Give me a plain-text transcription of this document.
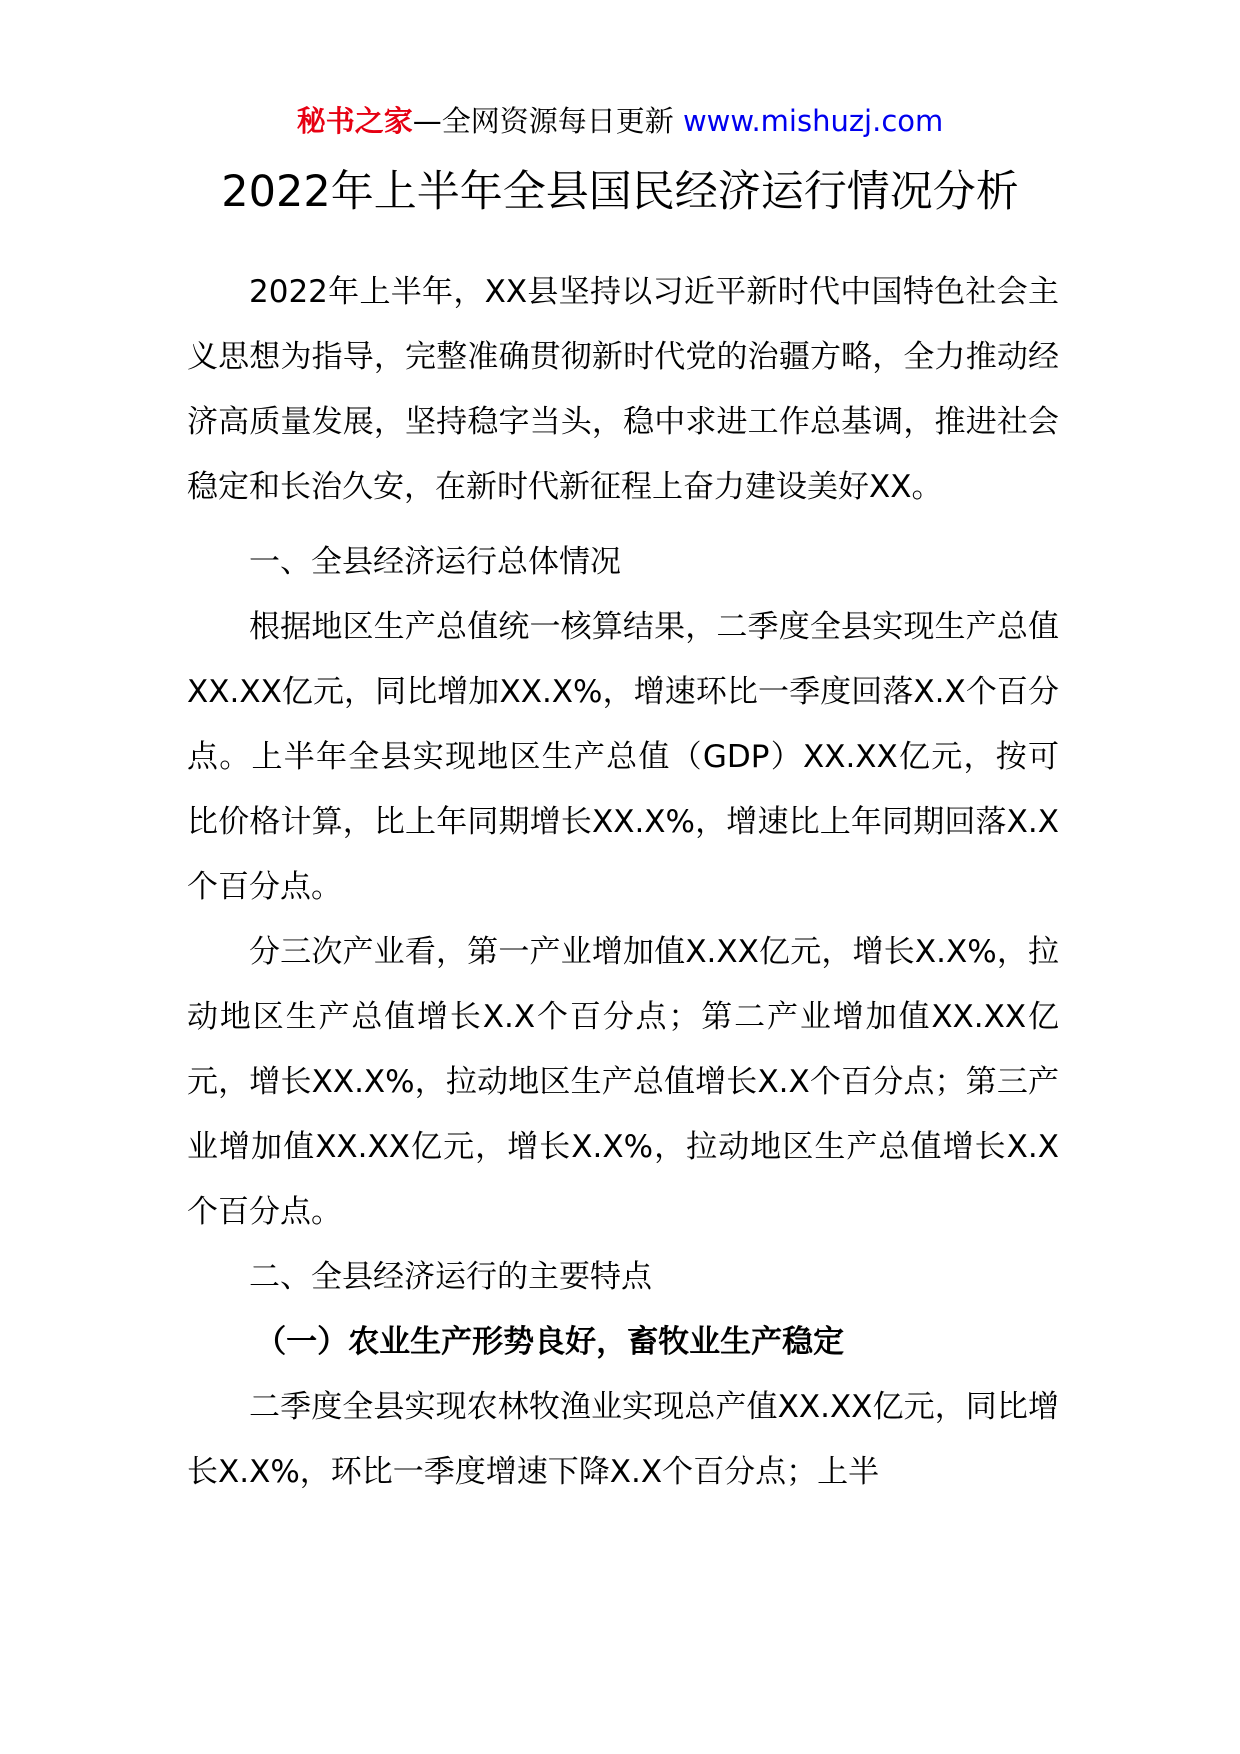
秘书之家—全网资源每日更新 www.mishuzj.com
2022年上半年全县国民经济运行情况分析

2022年上半年，XX县坚持以习近平新时代中国特色社会主义思想为指导，完整准确贯彻新时代党的治疆方略，全力推动经济高质量发展，坚持稳字当头，稳中求进工作总基调，推进社会稳定和长治久安，在新时代新征程上奋力建设美好XX。

一、全县经济运行总体情况

根据地区生产总值统一核算结果，二季度全县实现生产总值XX.XX亿元，同比增加XX.X%，增速环比一季度回落X.X个百分点。上半年全县实现地区生产总值（GDP）XX.XX亿元，按可比价格计算，比上年同期增长XX.X%，增速比上年同期回落X.X个百分点。

分三次产业看，第一产业增加值X.XX亿元，增长X.X%，拉动地区生产总值增长X.X个百分点；第二产业增加值XX.XX亿元，增长XX.X%，拉动地区生产总值增长X.X个百分点；第三产业增加值XX.XX亿元，增长X.X%，拉动地区生产总值增长X.X个百分点。

二、全县经济运行的主要特点

（一）农业生产形势良好，畜牧业生产稳定

二季度全县实现农林牧渔业实现总产值XX.XX亿元，同比增长X.X%，环比一季度增速下降X.X个百分点；上半
